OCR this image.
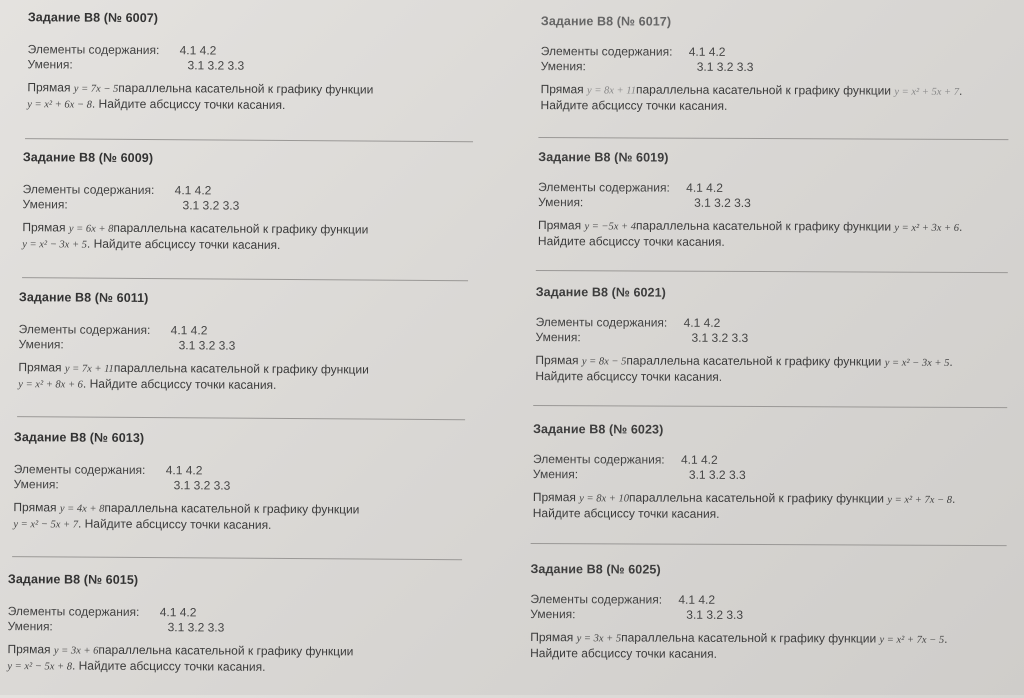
Задание B8 (№ 6007)
Элементы содержания: 4.1 4.2
Умения:	3.1 3.2 3.3
Прямая y = 7x − 5параллельна касательной к графику функции
y = x² + 6x − 8. Найдите абсциссу точки касания.
Задание B8 (№ 6009)
Элементы содержания: 4.1 4.2
Умения:	3.1 3.2 3.3
Прямая y = 6x + 8параллельна касательной к графику функции
y = x² − 3x + 5. Найдите абсциссу точки касания.
Задание B8 (№ 6011)
Элементы содержания: 4.1 4.2
Умения:	3.1 3.2 3.3
Прямая y = 7x + 11параллельна касательной к графику функции
y = x² + 8x + 6. Найдите абсциссу точки касания.
Задание B8 (№ 6013)
Элементы содержания: 4.1 4.2
Умения:	3.1 3.2 3.3
Прямая y = 4x + 8параллельна касательной к графику функции
y = x² − 5x + 7. Найдите абсциссу точки касания.
Задание B8 (№ 6015)
Элементы содержания: 4.1 4.2
Умения:	3.1 3.2 3.3
Прямая y = 3x + 6параллельна касательной к графику функции
y = x² − 5x + 8. Найдите абсциссу точки касания.
Задание B8 (№ 6017)
Элементы содержания: 4.1 4.2
Умения:	3.1 3.2 3.3
Прямая y = 8x + 11параллельна касательной к графику функции y = x² + 5x + 7.
Найдите абсциссу точки касания.
Задание B8 (№ 6019)
Элементы содержания: 4.1 4.2
Умения:	3.1 3.2 3.3
Прямая y = −5x + 4параллельна касательной к графику функции y = x² + 3x + 6.
Найдите абсциссу точки касания.
Задание B8 (№ 6021)
Элементы содержания: 4.1 4.2
Умения:	3.1 3.2 3.3
Прямая y = 8x − 5параллельна касательной к графику функции y = x² − 3x + 5.
Найдите абсциссу точки касания.
Задание B8 (№ 6023)
Элементы содержания: 4.1 4.2
Умения:	3.1 3.2 3.3
Прямая y = 8x + 10параллельна касательной к графику функции y = x² + 7x − 8.
Найдите абсциссу точки касания.
Задание B8 (№ 6025)
Элементы содержания: 4.1 4.2
Умения:	3.1 3.2 3.3
Прямая y = 3x + 5параллельна касательной к графику функции y = x² + 7x − 5.
Найдите абсциссу точки касания.
